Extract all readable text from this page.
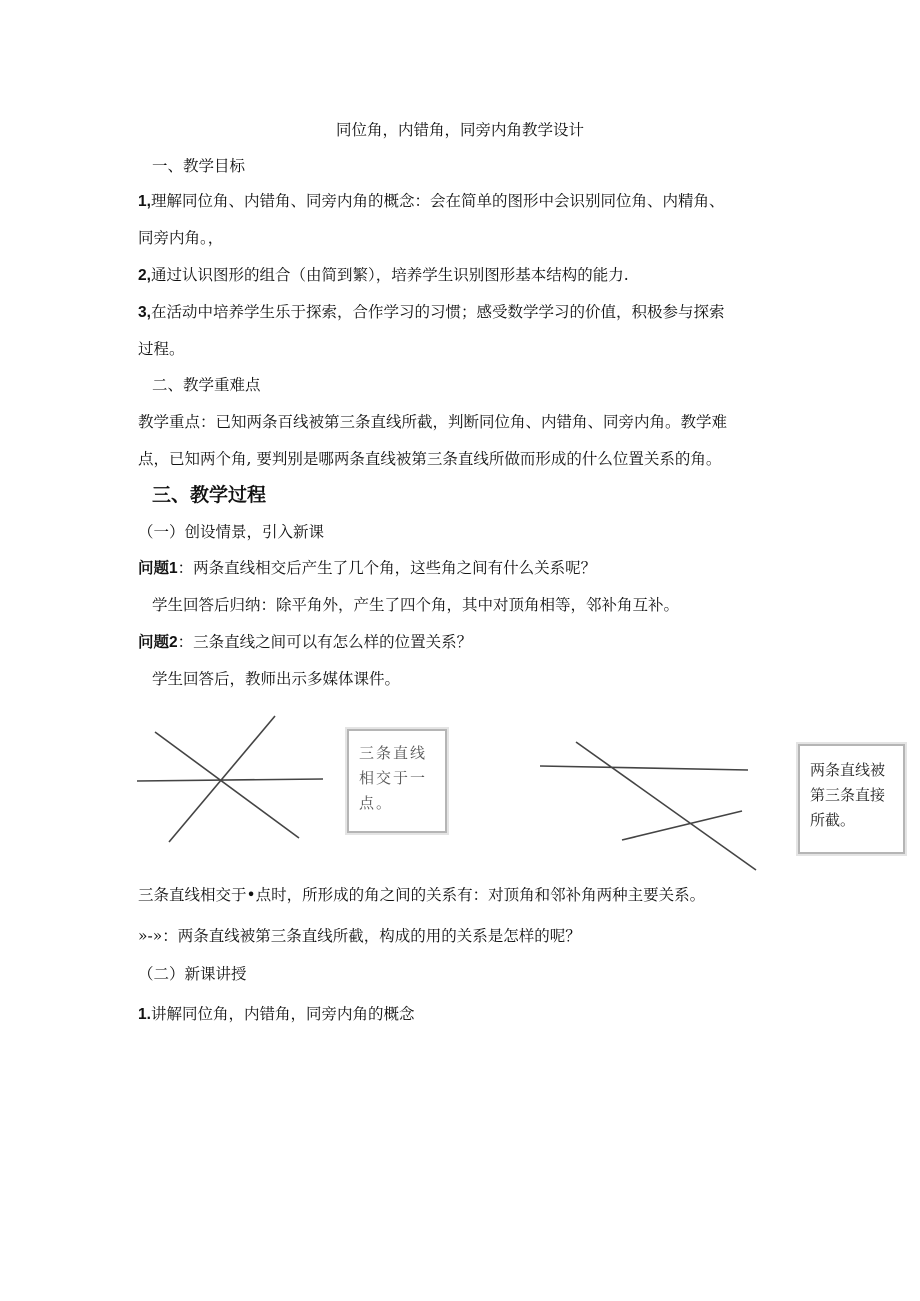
同位角，内错角，同旁内角教学设计
一、教学目标
1,理解同位角、内错角、同旁内角的概念：会在简单的图形中会识别同位角、内精角、
同旁内角。，
2,通过认识图形的组合（由简到繁），培养学生识别图形基本结构的能力.
3,在活动中培养学生乐于探索，合作学习的习惯；感受数学学习的价值，积极参与探索
过程。
二、教学重难点
教学重点：已知两条百线被第三条直线所截，判断同位角、内错角、同旁内角。教学难
点，已知两个角, 要判别是哪两条直线被第三条直线所做而形成的什么位置关系的角。
三、教学过程
（一）创设情景，引入新课
问题1：两条直线相交后产生了几个角，这些角之间有什么关系呢？
学生回答后归纳：除平角外，产生了四个角，其中对顶角相等，邻补角互补。
问题2：三条直线之间可以有怎么样的位置关系？
学生回答后，教师出示多媒体课件。
三条直线相交于一点。
两条直线被第三条直接所截。
三条直线相交于•点时，所形成的角之间的关系有：对顶角和邻补角两种主要关系。
»-»：两条直线被第三条直线所截，构成的用的关系是怎样的呢？
（二）新课讲授
1.讲解同位角，内错角，同旁内角的概念
